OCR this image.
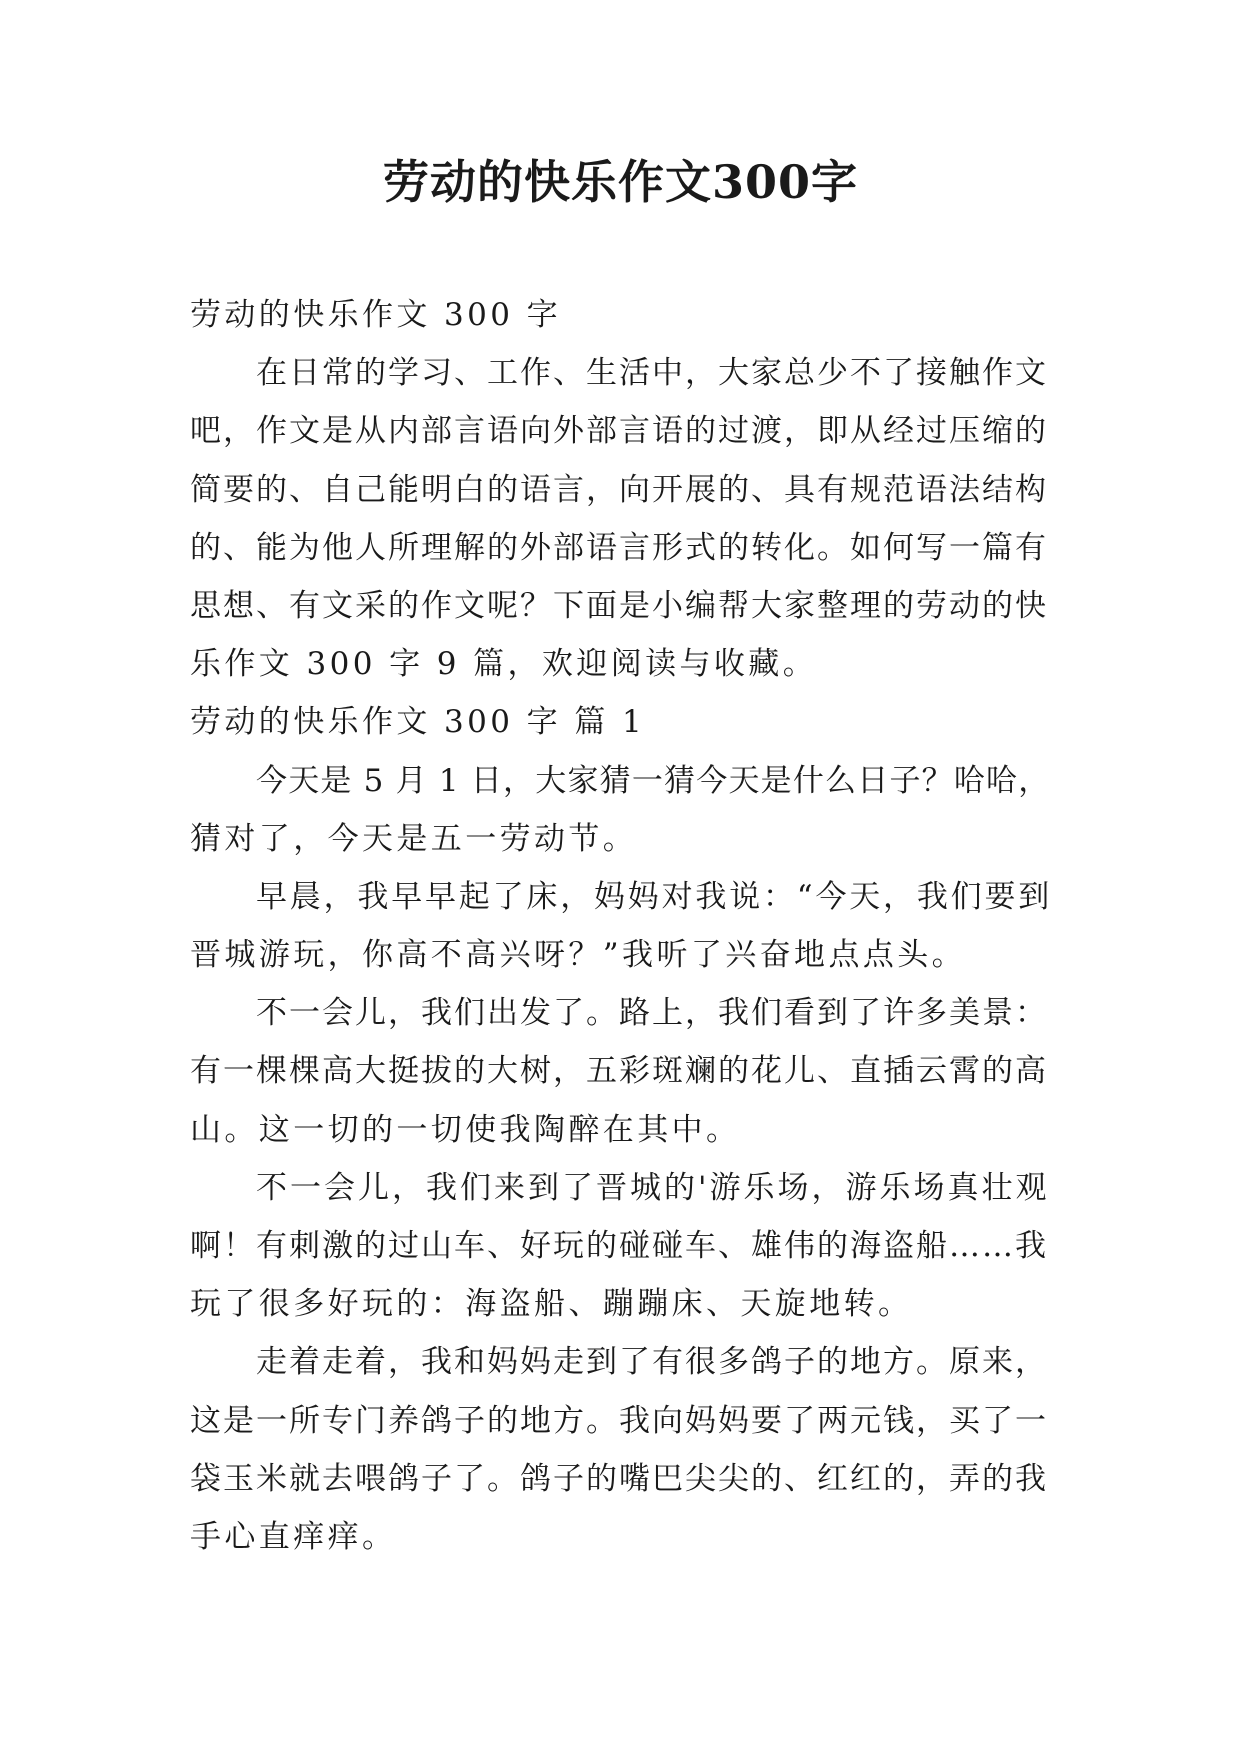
劳动的快乐作文300字

劳动的快乐作文 300 字

在日常的学习、工作、生活中，大家总少不了接触作文

吧，作文是从内部言语向外部言语的过渡，即从经过压缩的

简要的、自己能明白的语言，向开展的、具有规范语法结构

的、能为他人所理解的外部语言形式的转化。如何写一篇有

思想、有文采的作文呢？下面是小编帮大家整理的劳动的快

乐作文 300 字 9 篇，欢迎阅读与收藏。

劳动的快乐作文 300 字 篇 1

今天是 5 月 1 日，大家猜一猜今天是什么日子？哈哈，

猜对了，今天是五一劳动节。

早晨，我早早起了床，妈妈对我说：“今天，我们要到

晋城游玩，你高不高兴呀？”我听了兴奋地点点头。

不一会儿，我们出发了。路上，我们看到了许多美景：

有一棵棵高大挺拔的大树，五彩斑斓的花儿、直插云霄的高

山。这一切的一切使我陶醉在其中。

不一会儿，我们来到了晋城的'游乐场，游乐场真壮观

啊！有刺激的过山车、好玩的碰碰车、雄伟的海盗船……我

玩了很多好玩的：海盗船、蹦蹦床、天旋地转。

走着走着，我和妈妈走到了有很多鸽子的地方。原来，

这是一所专门养鸽子的地方。我向妈妈要了两元钱，买了一

袋玉米就去喂鸽子了。鸽子的嘴巴尖尖的、红红的，弄的我

手心直痒痒。
